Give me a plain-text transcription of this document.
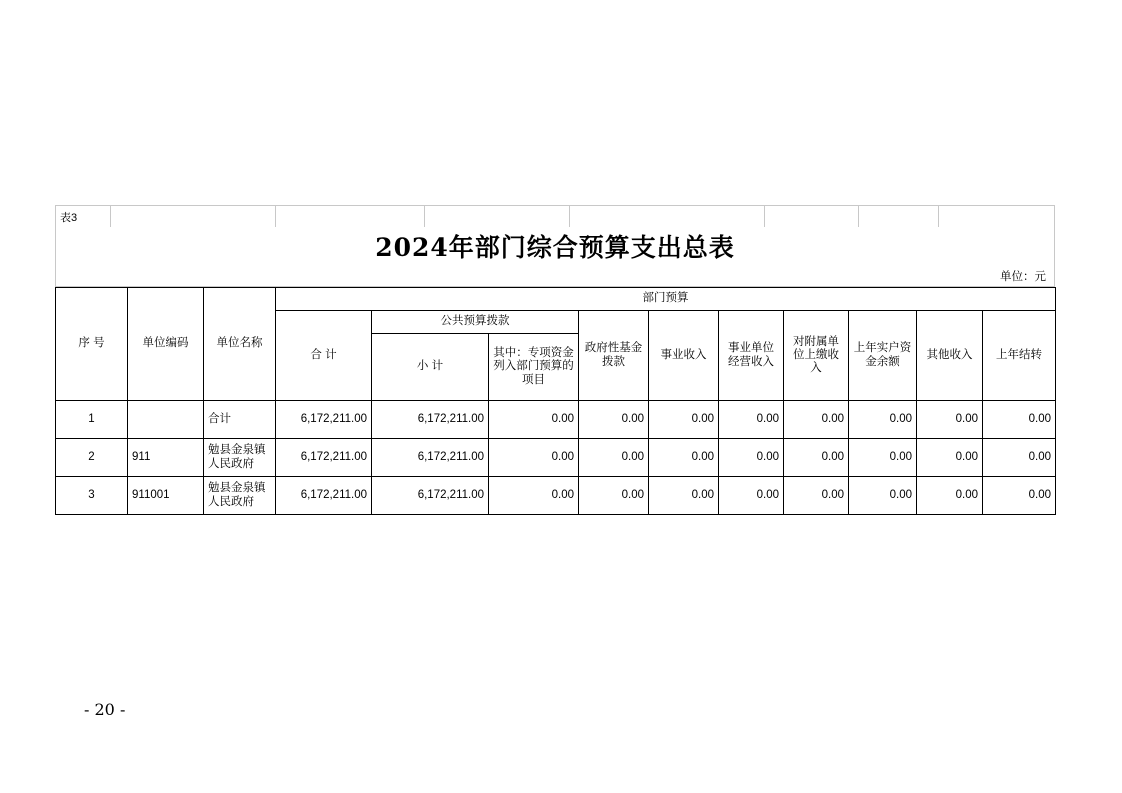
表3
2024年部门综合预算支出总表
单位：元
序 号	单位编码	单位名称	部门预算									
			合 计	公共预算拨款		政府性基金拨款	事业收入	事业单位经营收入	对附属单位上缴收入	上年实户资金余额	其他收入	上年结转
				小 计	其中：专项资金列入部门预算的项目							
1		合计	6,172,211.00	6,172,211.00	0.00	0.00	0.00	0.00	0.00	0.00	0.00	0.00
2	911	勉县金泉镇人民政府	6,172,211.00	6,172,211.00	0.00	0.00	0.00	0.00	0.00	0.00	0.00	0.00
3	911001	勉县金泉镇人民政府	6,172,211.00	6,172,211.00	0.00	0.00	0.00	0.00	0.00	0.00	0.00	0.00
- 20 -
